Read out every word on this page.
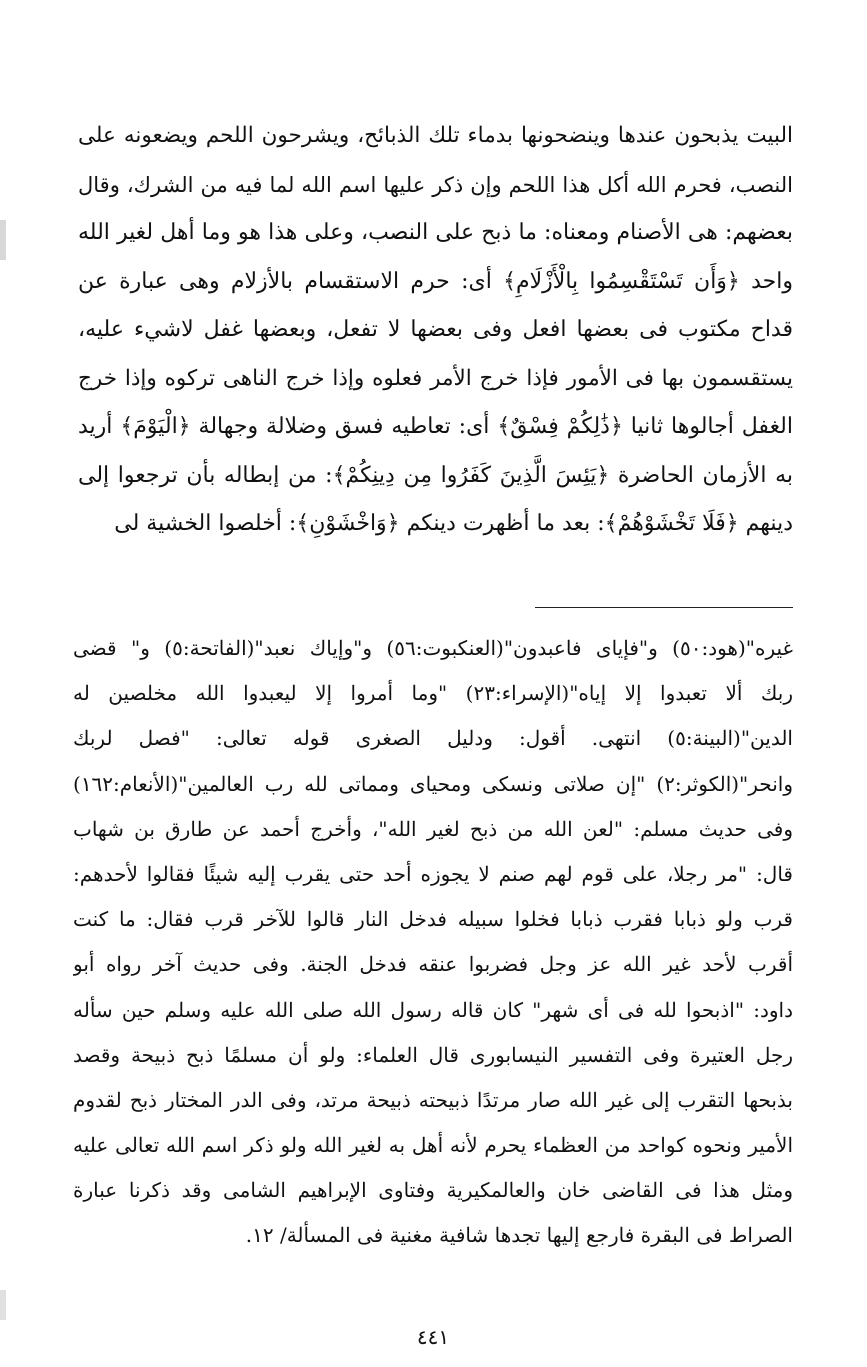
البيت يذبحون عندها وينضحونها بدماء تلك الذبائح، ويشرحون اللحم ويضعونه على
النصب، فحرم الله أكل هذا اللحم وإن ذكر عليها اسم الله لما فيه من الشرك، وقال
بعضهم: هى الأصنام ومعناه: ما ذبح على النصب، وعلى هذا هو وما أهل لغير الله
واحد ﴿وَأَن تَسْتَقْسِمُوا بِالْأَزْلَامِ﴾ أى: حرم الاستقسام بالأزلام وهى عبارة عن
قداح مكتوب فى بعضها افعل وفى بعضها لا تفعل، وبعضها غفل لاشيء عليه،
يستقسمون بها فى الأمور فإذا خرج الأمر فعلوه وإذا خرج الناهى تركوه وإذا خرج
الغفل أجالوها ثانيا ﴿ذَٰلِكُمْ فِسْقٌ﴾ أى: تعاطيه فسق وضلالة وجهالة ﴿الْيَوْمَ﴾ أريد
به الأزمان الحاضرة ﴿يَئِسَ الَّذِينَ كَفَرُوا مِن دِينِكُمْ﴾: من إبطاله بأن ترجعوا إلى
دينهم ﴿فَلَا تَخْشَوْهُمْ﴾: بعد ما أظهرت دينكم ﴿وَاخْشَوْنِ﴾: أخلصوا الخشية لى
غيره"(هود:٥٠) و"فإياى فاعبدون"(العنكبوت:٥٦) و"وإياك نعبد"(الفاتحة:٥) و" قضى
ربك ألا تعبدوا إلا إياه"(الإسراء:٢٣) "وما أمروا إلا ليعبدوا الله مخلصين له
الدين"(البينة:٥) انتهى. أقول: ودليل الصغرى قوله تعالى: "فصل لربك
وانحر"(الكوثر:٢) "إن صلاتى ونسكى ومحياى ومماتى لله رب العالمين"(الأنعام:١٦٢)
وفى حديث مسلم: "لعن الله من ذبح لغير الله"، وأخرج أحمد عن طارق بن شهاب
قال: "مر رجلا، على قوم لهم صنم لا يجوزه أحد حتى يقرب إليه شيئًا فقالوا لأحدهم:
قرب ولو ذبابا فقرب ذبابا فخلوا سبيله فدخل النار قالوا للآخر قرب فقال: ما كنت
أقرب لأحد غير الله عز وجل فضربوا عنقه فدخل الجنة. وفى حديث آخر رواه أبو
داود: "اذبحوا لله فى أى شهر" كان قاله رسول الله صلى الله عليه وسلم حين سأله
رجل العتيرة وفى التفسير النيسابورى قال العلماء: ولو أن مسلمًا ذبح ذبيحة وقصد
بذبحها التقرب إلى غير الله صار مرتدًا ذبيحته ذبيحة مرتد، وفى الدر المختار ذبح لقدوم
الأمير ونحوه كواحد من العظماء يحرم لأنه أهل به لغير الله ولو ذكر اسم الله تعالى عليه
ومثل هذا فى القاضى خان والعالمكيرية وفتاوى الإبراهيم الشامى وقد ذكرنا عبارة
الصراط فى البقرة فارجع إليها تجدها شافية مغنية فى المسألة/ ١٢.
٤٤١
